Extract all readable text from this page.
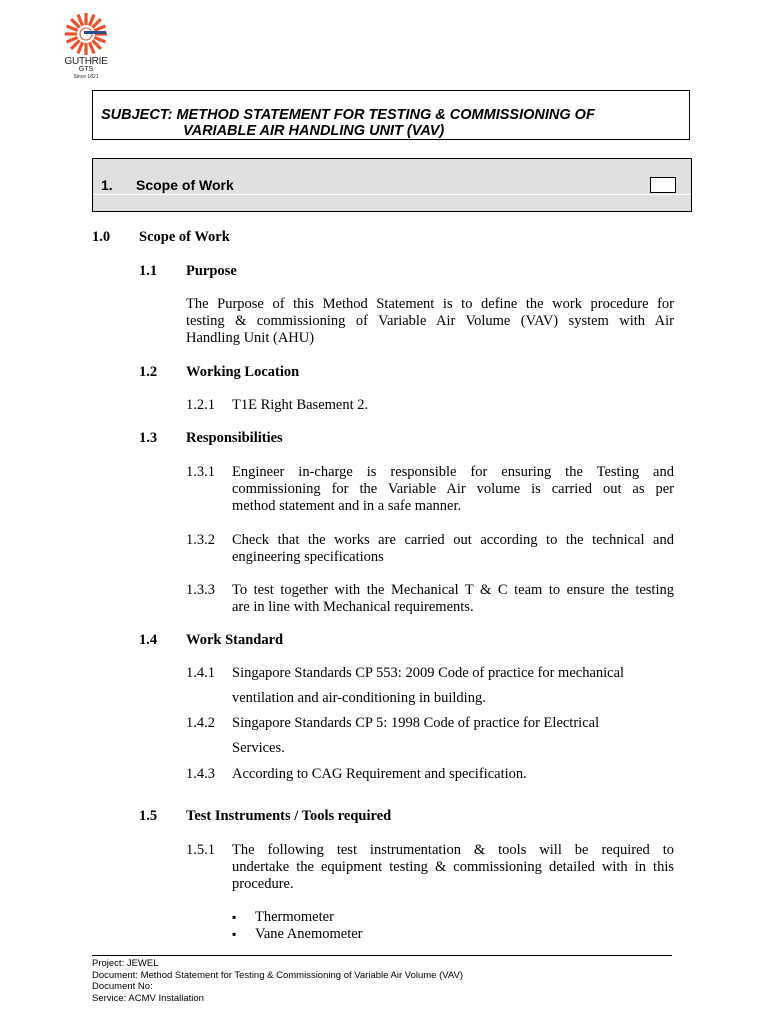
GUTHRIE
GTS
Since 1821
SUBJECT: METHOD STATEMENT FOR TESTING & COMMISSIONING OF
VARIABLE AIR HANDLING UNIT (VAV)
1. Scope of Work
1.0 Scope of Work
1.1 Purpose
The Purpose of this Method Statement is to define the work procedure for
testing & commissioning of Variable Air Volume (VAV) system with Air
Handling Unit (AHU)
1.2 Working Location
1.2.1 T1E Right Basement 2.
1.3 Responsibilities
1.3.1 Engineer in-charge is responsible for ensuring the Testing and
commissioning for the Variable Air volume is carried out as per
method statement and in a safe manner.
1.3.2 Check that the works are carried out according to the technical and
engineering specifications
1.3.3 To test together with the Mechanical T & C team to ensure the testing
are in line with Mechanical requirements.
1.4 Work Standard
1.4.1 Singapore Standards CP 553: 2009 Code of practice for mechanical
ventilation and air-conditioning in building.
1.4.2 Singapore Standards CP 5: 1998 Code of practice for Electrical
Services.
1.4.3 According to CAG Requirement and specification.
1.5 Test Instruments / Tools required
1.5.1 The following test instrumentation & tools will be required to
undertake the equipment testing & commissioning detailed with in this
procedure.
▪ Thermometer
▪ Vane Anemometer
Project: JEWEL
Document: Method Statement for Testing & Commissioning of Variable Air Volume (VAV)
Document No:
Service: ACMV Installation
